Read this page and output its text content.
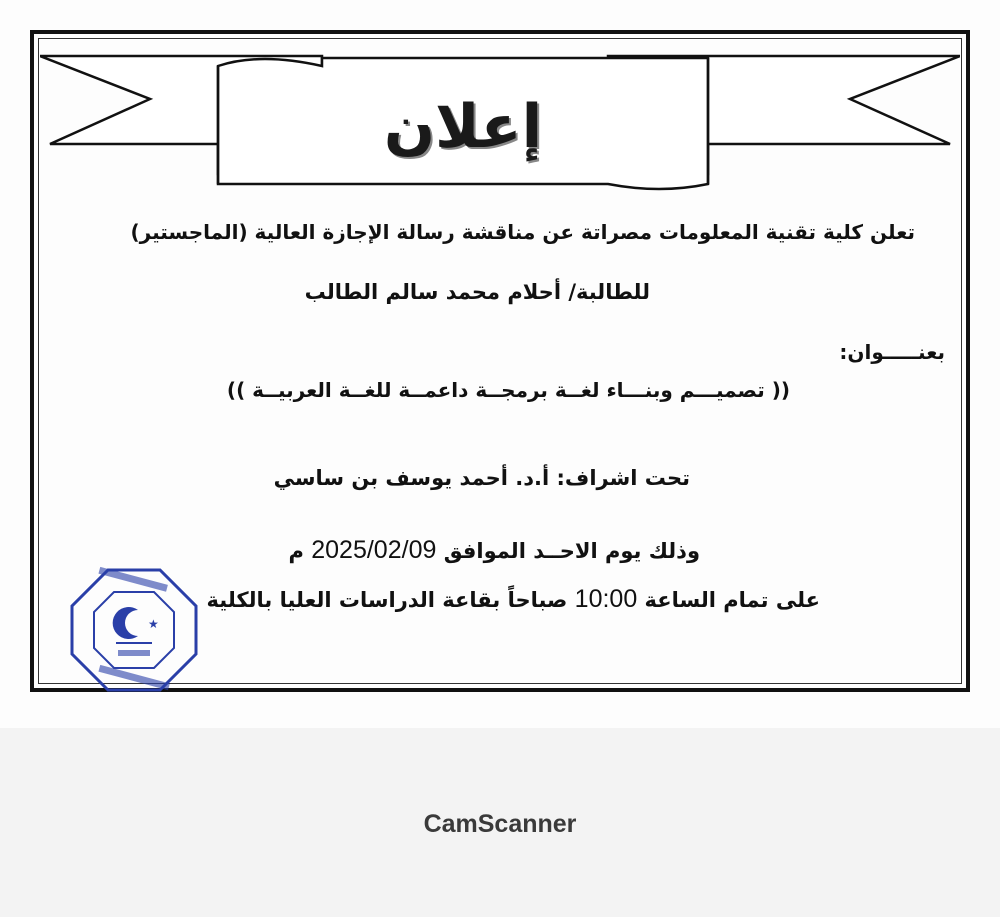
إعلان
تعلن كلية تقنية المعلومات مصراتة عن مناقشة رسالة الإجازة العالية (الماجستير)
للطالبة/ أحلام محمد سالم الطالب
بعنـــــوان:
(( تصميـــم وبنـــاء لغــة برمجــة داعمــة للغــة العربيــة ))
تحت اشراف: أ.د. أحمد يوسف بن ساسي
وذلك يوم الاحــد الموافق 2025/02/09 م
على تمام الساعة 10:00 صباحاً بقاعة الدراسات العليا بالكلية
★
CamScanner
